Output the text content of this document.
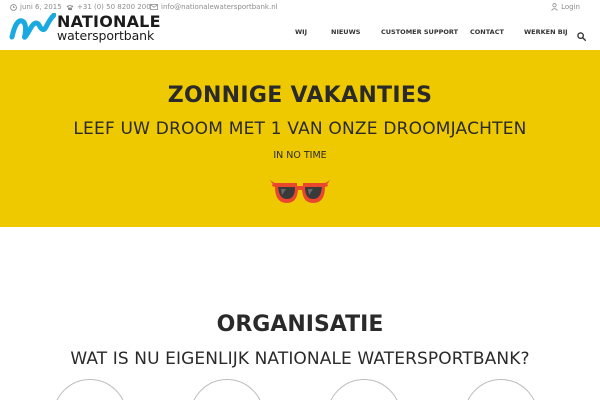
juni 6, 2015 +31 (0) 50 8200 200 info@nationalewatersportbank.nl	Login
NATIONALE
watersportbank	WIJ	NIEUWS	CUSTOMER SUPPORT CONTACT	WERKEN BIJ
ZONNIGE VAKANTIES
LEEF UW DROOM MET 1 VAN ONZE DROOMJACHTEN
IN NO TIME
ORGANISATIE
WAT IS NU EIGENLIJK NATIONALE WATERSPORTBANK?
